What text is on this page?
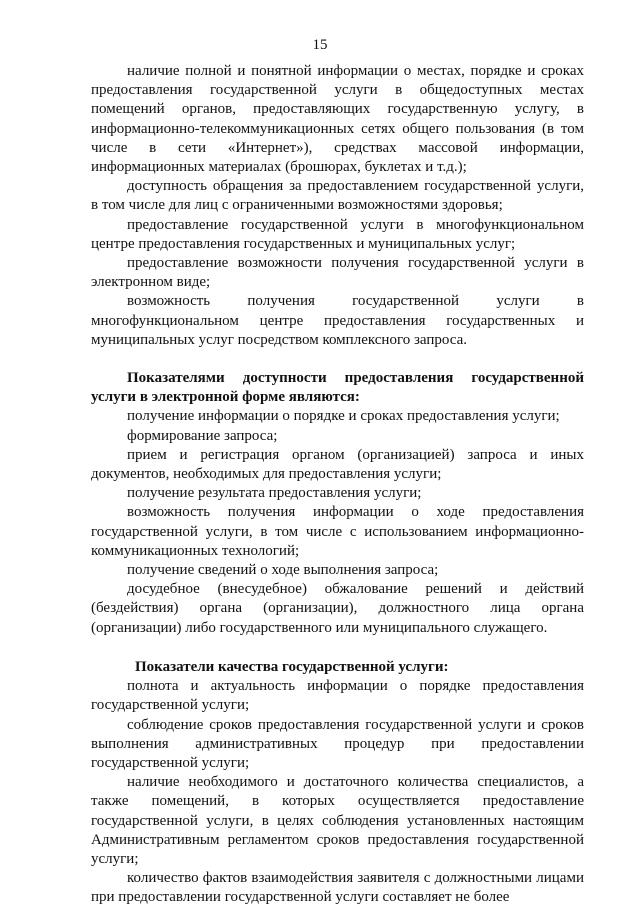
15

наличие полной и понятной информации о местах, порядке и сроках предоставления государственной услуги в общедоступных местах помещений органов, предоставляющих государственную услугу, в информационно-телекоммуникационных сетях общего пользования (в том числе в сети «Интернет»), средствах массовой информации, информационных материалах (брошюрах, буклетах и т.д.);

доступность обращения за предоставлением государственной услуги, в том числе для лиц с ограниченными возможностями здоровья;

предоставление государственной услуги в многофункциональном центре предоставления государственных и муниципальных услуг;

предоставление возможности получения государственной услуги в электронном виде;

возможность получения государственной услуги в многофункциональном центре предоставления государственных и муниципальных услуг посредством комплексного запроса.

Показателями доступности предоставления государственной услуги в электронной форме являются:

получение информации о порядке и сроках предоставления услуги;

формирование запроса;

прием и регистрация органом (организацией) запроса и иных документов, необходимых для предоставления услуги;

получение результата предоставления услуги;

возможность получения информации о ходе предоставления государственной услуги, в том числе с использованием информационно-коммуникационных технологий;

получение сведений о ходе выполнения запроса;

досудебное (внесудебное) обжалование решений и действий (бездействия) органа (организации), должностного лица органа (организации) либо государственного или муниципального служащего.

Показатели качества государственной услуги:

полнота и актуальность информации о порядке предоставления государственной услуги;

соблюдение сроков предоставления государственной услуги и сроков выполнения административных процедур при предоставлении государственной услуги;

наличие необходимого и достаточного количества специалистов, а также помещений, в которых осуществляется предоставление государственной услуги, в целях соблюдения установленных настоящим Административным регламентом сроков предоставления государственной услуги;

количество фактов взаимодействия заявителя с должностными лицами при предоставлении государственной услуги составляет не более
